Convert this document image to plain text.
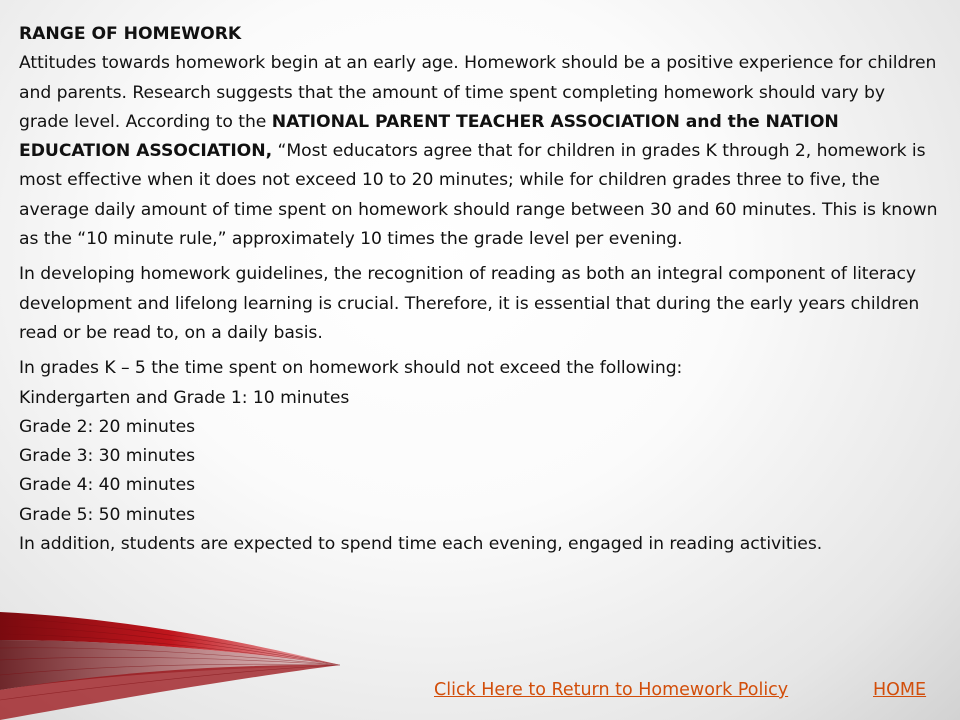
RANGE OF HOMEWORK
Attitudes towards homework begin at an early age. Homework should be a positive experience for children and parents. Research suggests that the amount of time spent completing homework should vary by grade level. According to the NATIONAL PARENT TEACHER ASSOCIATION and the NATION EDUCATION ASSOCIATION, “Most educators agree that for children in grades K through 2, homework is most effective when it does not exceed 10 to 20 minutes; while for children grades three to five, the average daily amount of time spent on homework should range between 30 and 60 minutes. This is known as the “10 minute rule,” approximately 10 times the grade level per evening.

In developing homework guidelines, the recognition of reading as both an integral component of literacy development and lifelong learning is crucial. Therefore, it is essential that during the early years children read or be read to, on a daily basis.

In grades K – 5 the time spent on homework should not exceed the following:
Kindergarten and Grade 1: 10 minutes
Grade 2: 20 minutes
Grade 3: 30 minutes
Grade 4: 40 minutes
Grade 5: 50 minutes
In addition, students are expected to spend time each evening, engaged in reading activities.

Click Here to Return to Homework Policy	HOME
